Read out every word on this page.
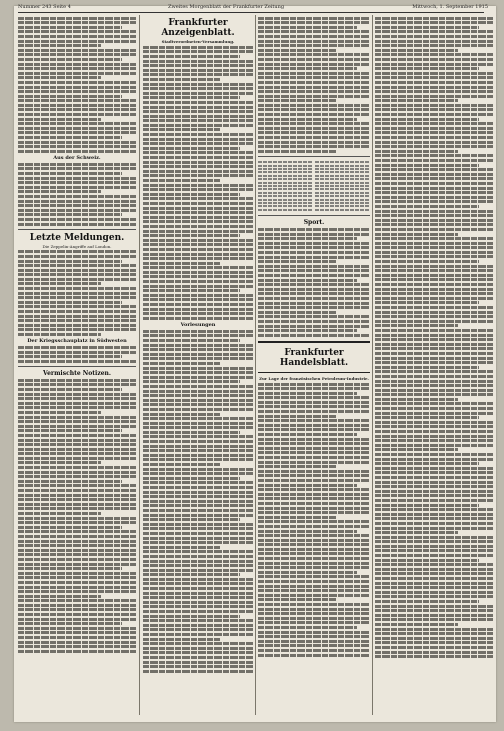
Nummer 243 Seite 4	Zweites Morgenblatt der Frankfurter Zeitung	Mittwoch, 1. September 1915
Aus der Schweiz.
Letzte Meldungen.
Die Zeppelin-Angriffe auf London.
Der Kriegsschauplatz in Südwesten
Vermischte Notizen.
Frankfurter Anzeigenblatt.
Stadtverordneten-Versammlung.
Vorlesungen
Sport.
Frankfurter Handelsblatt.
Zur Lage der französischen Petroleum-Industrie.
